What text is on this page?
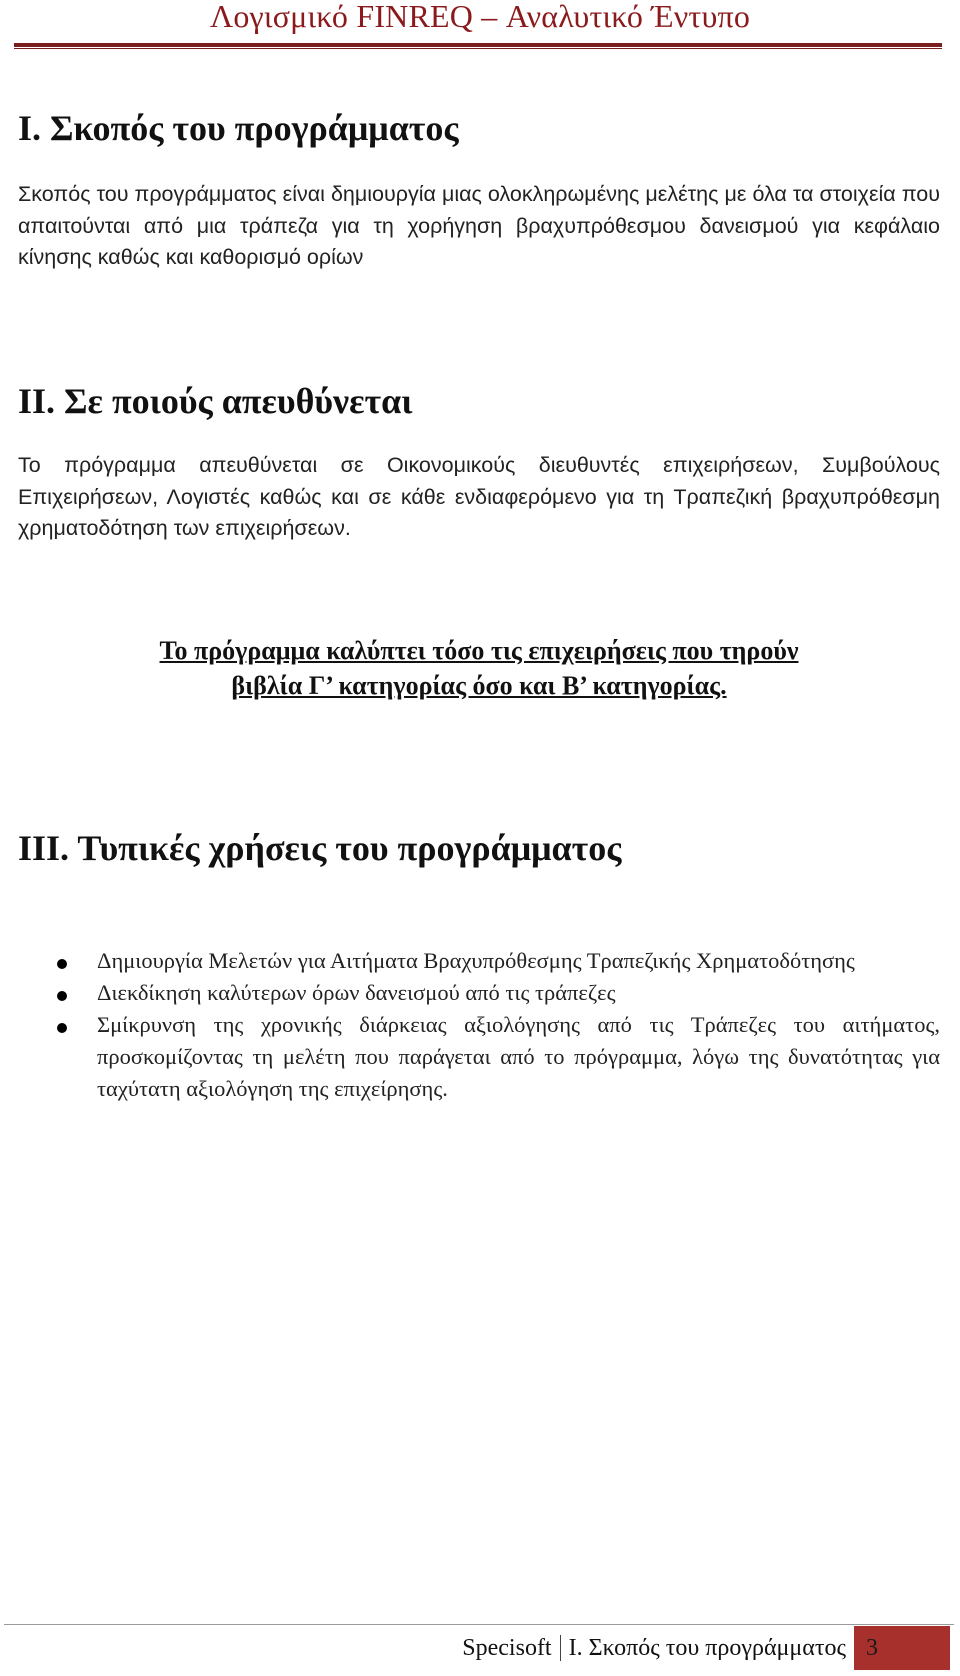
Λογισμικό FINREQ – Αναλυτικό Έντυπο
Ι. Σκοπός του προγράμματος

Σκοπός του προγράμματος είναι δημιουργία μιας ολοκληρωμένης μελέτης με όλα τα στοιχεία που απαιτούνται από μια τράπεζα για τη χορήγηση βραχυπρόθεσμου δανεισμού για κεφάλαιο κίνησης καθώς και καθορισμό ορίων

ΙΙ. Σε ποιούς απευθύνεται

Το πρόγραμμα απευθύνεται σε Οικονομικούς διευθυντές επιχειρήσεων, Συμβούλους Επιχειρήσεων, Λογιστές καθώς και σε κάθε ενδιαφερόμενο για τη Τραπεζική βραχυπρόθεσμη χρηματοδότηση των επιχειρήσεων.

Το πρόγραμμα καλύπτει τόσο τις επιχειρήσεις που τηρούν

βιβλία Γ’ κατηγορίας όσο και Β’ κατηγορίας.

ΙΙΙ. Τυπικές χρήσεις του προγράμματος
Δημιουργία Μελετών για Αιτήματα Βραχυπρόθεσμης Τραπεζικής Χρηματοδότησης
Διεκδίκηση καλύτερων όρων δανεισμού από τις τράπεζες
Σμίκρυνση της χρονικής διάρκειας αξιολόγησης από τις Τράπεζες του αιτήματος, προσκομίζοντας τη μελέτη που παράγεται από το πρόγραμμα, λόγω της δυνατότητας για ταχύτατη αξιολόγηση της επιχείρησης.
Specisoft Ι. Σκοπός του προγράμματος 3
